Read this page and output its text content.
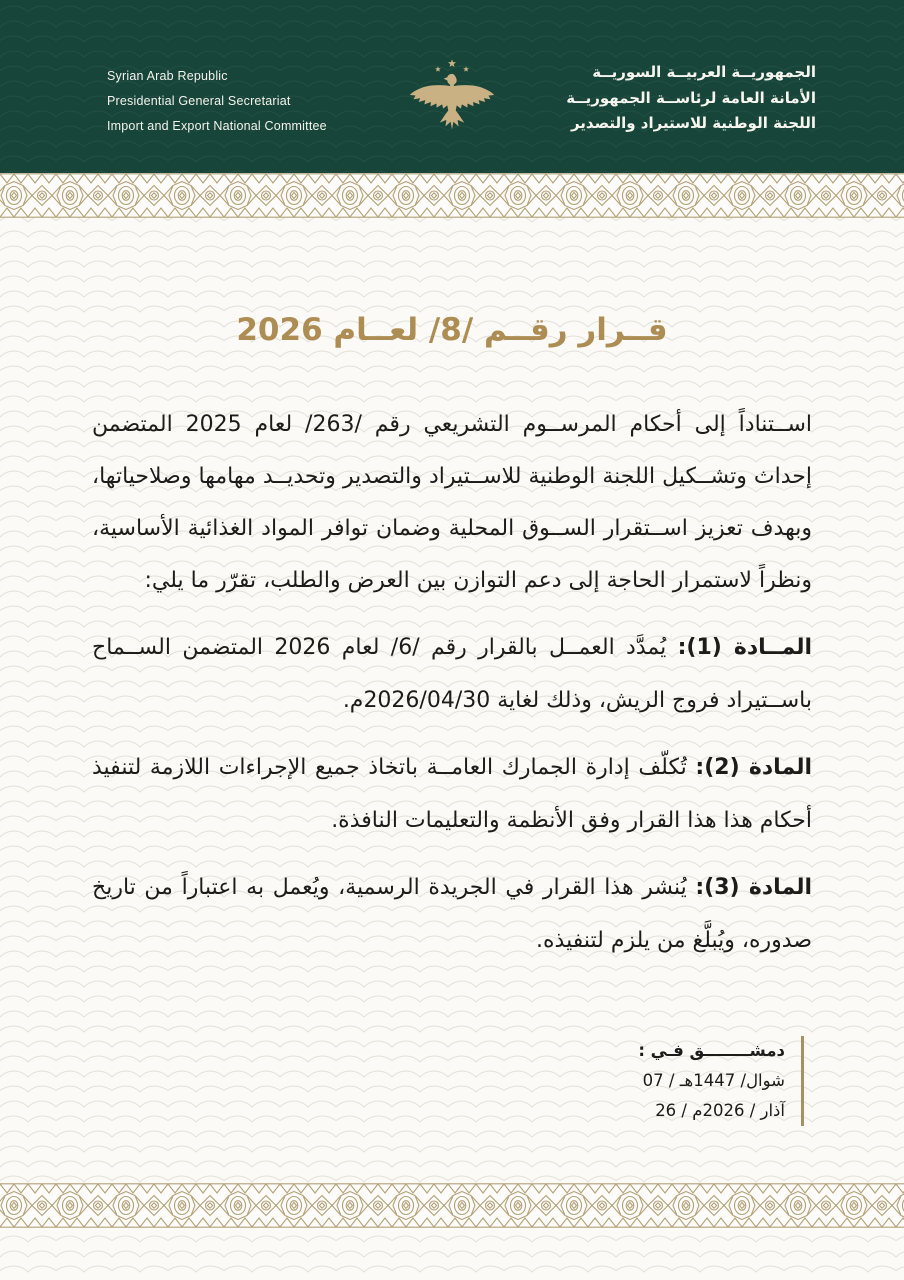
Syrian Arab Republic
Presidential General Secretariat
Import and Export National Committee
الجمهوريــة العربيــة السوريــة
الأمانة العامة لرئاســة الجمهوريــة
اللجنة الوطنية للاستيراد والتصدير
قــرار رقــم /8/ لعــام 2026

اســتناداً إلى أحكام المرســوم التشريعي رقم /263/ لعام 2025 المتضمن إحداث وتشــكيل اللجنة الوطنية للاســتيراد والتصدير وتحديــد مهامها وصلاحياتها، وبهدف تعزيز اســتقرار الســوق المحلية وضمان توافر المواد الغذائية الأساسية، ونظراً لاستمرار الحاجة إلى دعم التوازن بين العرض والطلب، تقرّر ما يلي:

المــادة (1): يُمدَّد العمــل بالقرار رقم /6/ لعام 2026 المتضمن الســماح باســتيراد فروج الريش، وذلك لغاية 2026/04/30م.

المادة (2): تُكلّف إدارة الجمارك العامــة باتخاذ جميع الإجراءات اللازمة لتنفيذ أحكام هذا هذا القرار وفق الأنظمة والتعليمات النافذة.

المادة (3): يُنشر هذا القرار في الجريدة الرسمية، ويُعمل به اعتباراً من تاريخ صدوره، ويُبلَّغ من يلزم لتنفيذه.

دمشــــــــق فـي :
07 / شوال/ 1447هـ
26 / آذار / 2026م
